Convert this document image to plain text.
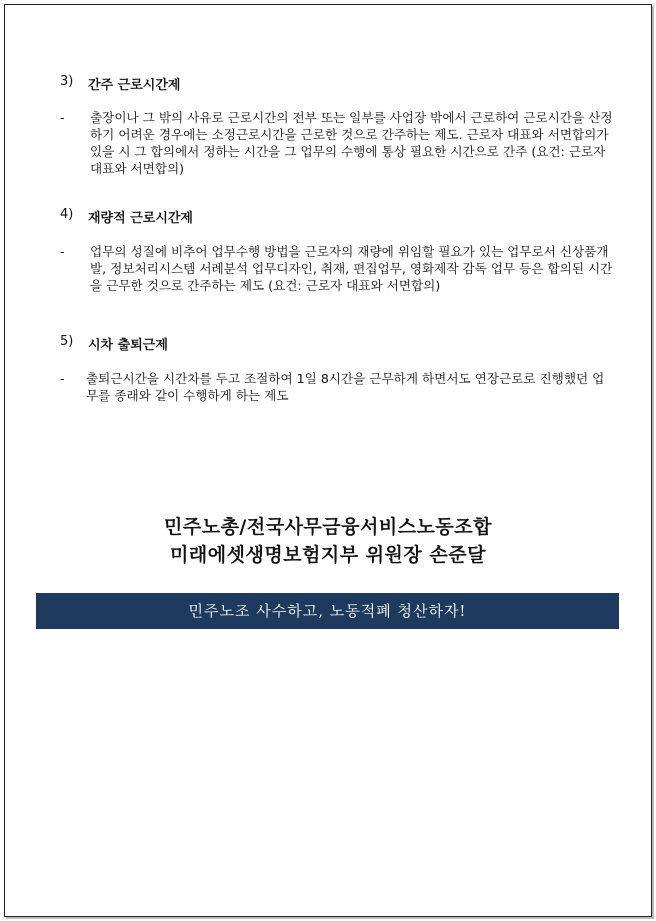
3)	간주 근로시간제
-	출장이나 그 밖의 사유로 근로시간의 전부 또는 일부를 사업장 밖에서 근로하여 근로시간을 산정하기 어려운 경우에는 소정근로시간을 근로한 것으로 간주하는 제도. 근로자 대표와 서면합의가 있을 시 그 합의에서 정하는 시간을 그 업무의 수행에 통상 필요한 시간으로 간주 (요건: 근로자 대표와 서면합의)
4)	재량적 근로시간제
-	업무의 성질에 비추어 업무수행 방법을 근로자의 재량에 위임할 필요가 있는 업무로서 신상품개발, 정보처리시스템 서례분석 업무디자인, 취재, 편집업무, 영화제작 감독 업무 등은 합의된 시간을 근무한 것으로 간주하는 제도 (요건: 근로자 대표와 서면합의)
5)	시차 출퇴근제
-	출퇴근시간을 시간차를 두고 조절하여 1일 8시간을 근무하게 하면서도 연장근로로 진행했던 업무를 종래와 같이 수행하게 하는 제도
민주노총/전국사무금융서비스노동조합
미래에셋생명보험지부 위원장 손준달
민주노조 사수하고, 노동적폐 청산하자!
